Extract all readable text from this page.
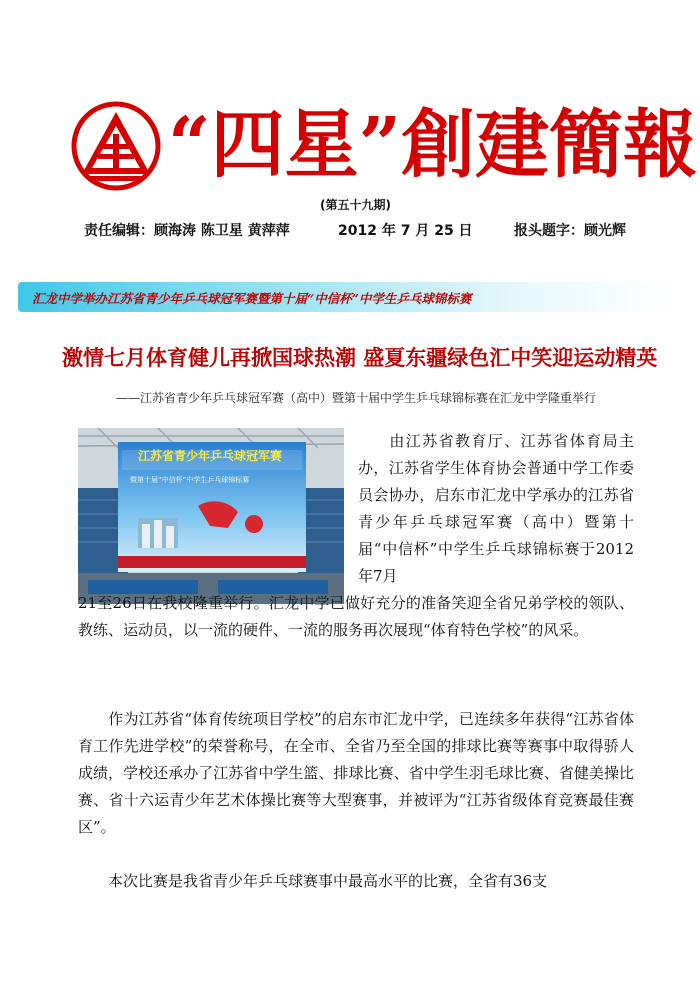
“四星”創建簡報
(第五十九期)
责任编辑：顾海涛 陈卫星 黄萍萍	2012 年 7 月 25 日	报头题字：顾光辉
汇龙中学举办江苏省青少年乒乓球冠军赛暨第十届“中信杯”中学生乒乓球锦标赛
激情七月体育健儿再掀国球热潮 盛夏东疆绿色汇中笑迎运动精英
——江苏省青少年乒乓球冠军赛（高中）暨第十届中学生乒乓球锦标赛在汇龙中学隆重举行
江苏省青少年乒乓球冠军赛
暨第十届“中信杯”中学生乒乓球锦标赛
由江苏省教育厅、江苏省体育局主办，江苏省学生体育协会普通中学工作委员会协办，启东市汇龙中学承办的江苏省青少年乒乓球冠军赛（高中）暨第十届“中信杯”中学生乒乓球锦标赛于2012年7月
21至26日在我校隆重举行。汇龙中学已做好充分的准备笑迎全省兄弟学校的领队、教练、运动员，以一流的硬件、一流的服务再次展现“体育特色学校”的风采。
作为江苏省“体育传统项目学校”的启东市汇龙中学，已连续多年获得“江苏省体育工作先进学校”的荣誉称号，在全市、全省乃至全国的排球比赛等赛事中取得骄人成绩，学校还承办了江苏省中学生篮、排球比赛、省中学生羽毛球比赛、省健美操比赛、省十六运青少年艺术体操比赛等大型赛事，并被评为“江苏省级体育竞赛最佳赛区”。
本次比赛是我省青少年乒乓球赛事中最高水平的比赛，全省有36支
